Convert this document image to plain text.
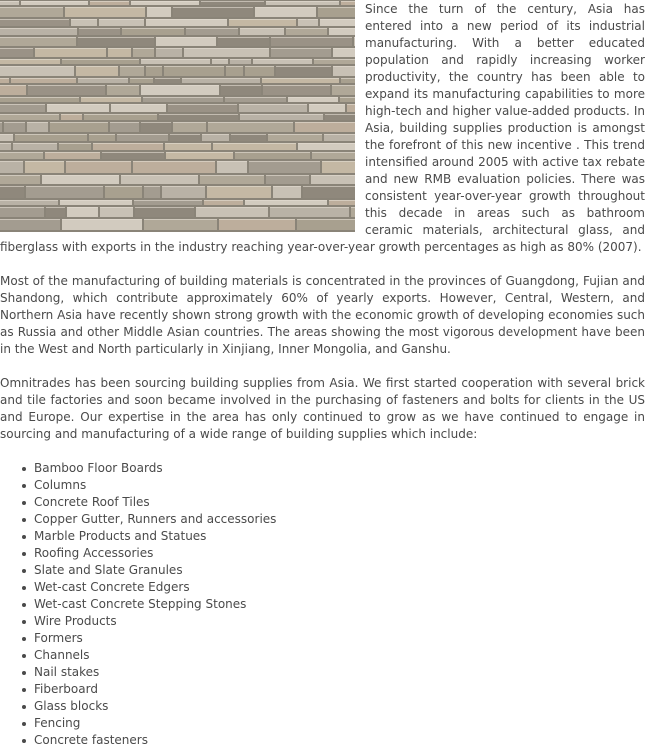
Since the turn of the century, Asia has entered into a new period of its industrial manufacturing. With a better educated population and rapidly increasing worker productivity, the country has been able to expand its manufacturing capabilities to more high-tech and higher value-added products. In Asia, building supplies production is amongst the forefront of this new incentive . This trend intensified around 2005 with active tax rebate and new RMB evaluation policies. There was consistent year-over-year growth throughout this decade in areas such as bathroom ceramic materials, architectural glass, and fiberglass with exports in the industry reaching year-over-year growth percentages as high as 80% (2007).

Most of the manufacturing of building materials is concentrated in the provinces of Guangdong, Fujian and Shandong, which contribute approximately 60% of yearly exports. However, Central, Western, and Northern Asia have recently shown strong growth with the economic growth of developing economies such as Russia and other Middle Asian countries. The areas showing the most vigorous development have been in the West and North particularly in Xinjiang, Inner Mongolia, and Ganshu.

Omnitrades has been sourcing building supplies from Asia. We first started cooperation with several brick and tile factories and soon became involved in the purchasing of fasteners and bolts for clients in the US and Europe. Our expertise in the area has only continued to grow as we have continued to engage in sourcing and manufacturing of a wide range of building supplies which include:

Bamboo Floor Boards
Columns
Concrete Roof Tiles
Copper Gutter, Runners and accessories
Marble Products and Statues
Roofing Accessories
Slate and Slate Granules
Wet-cast Concrete Edgers
Wet-cast Concrete Stepping Stones
Wire Products
Formers
Channels
Nail stakes
Fiberboard
Glass blocks
Fencing
Concrete fasteners
